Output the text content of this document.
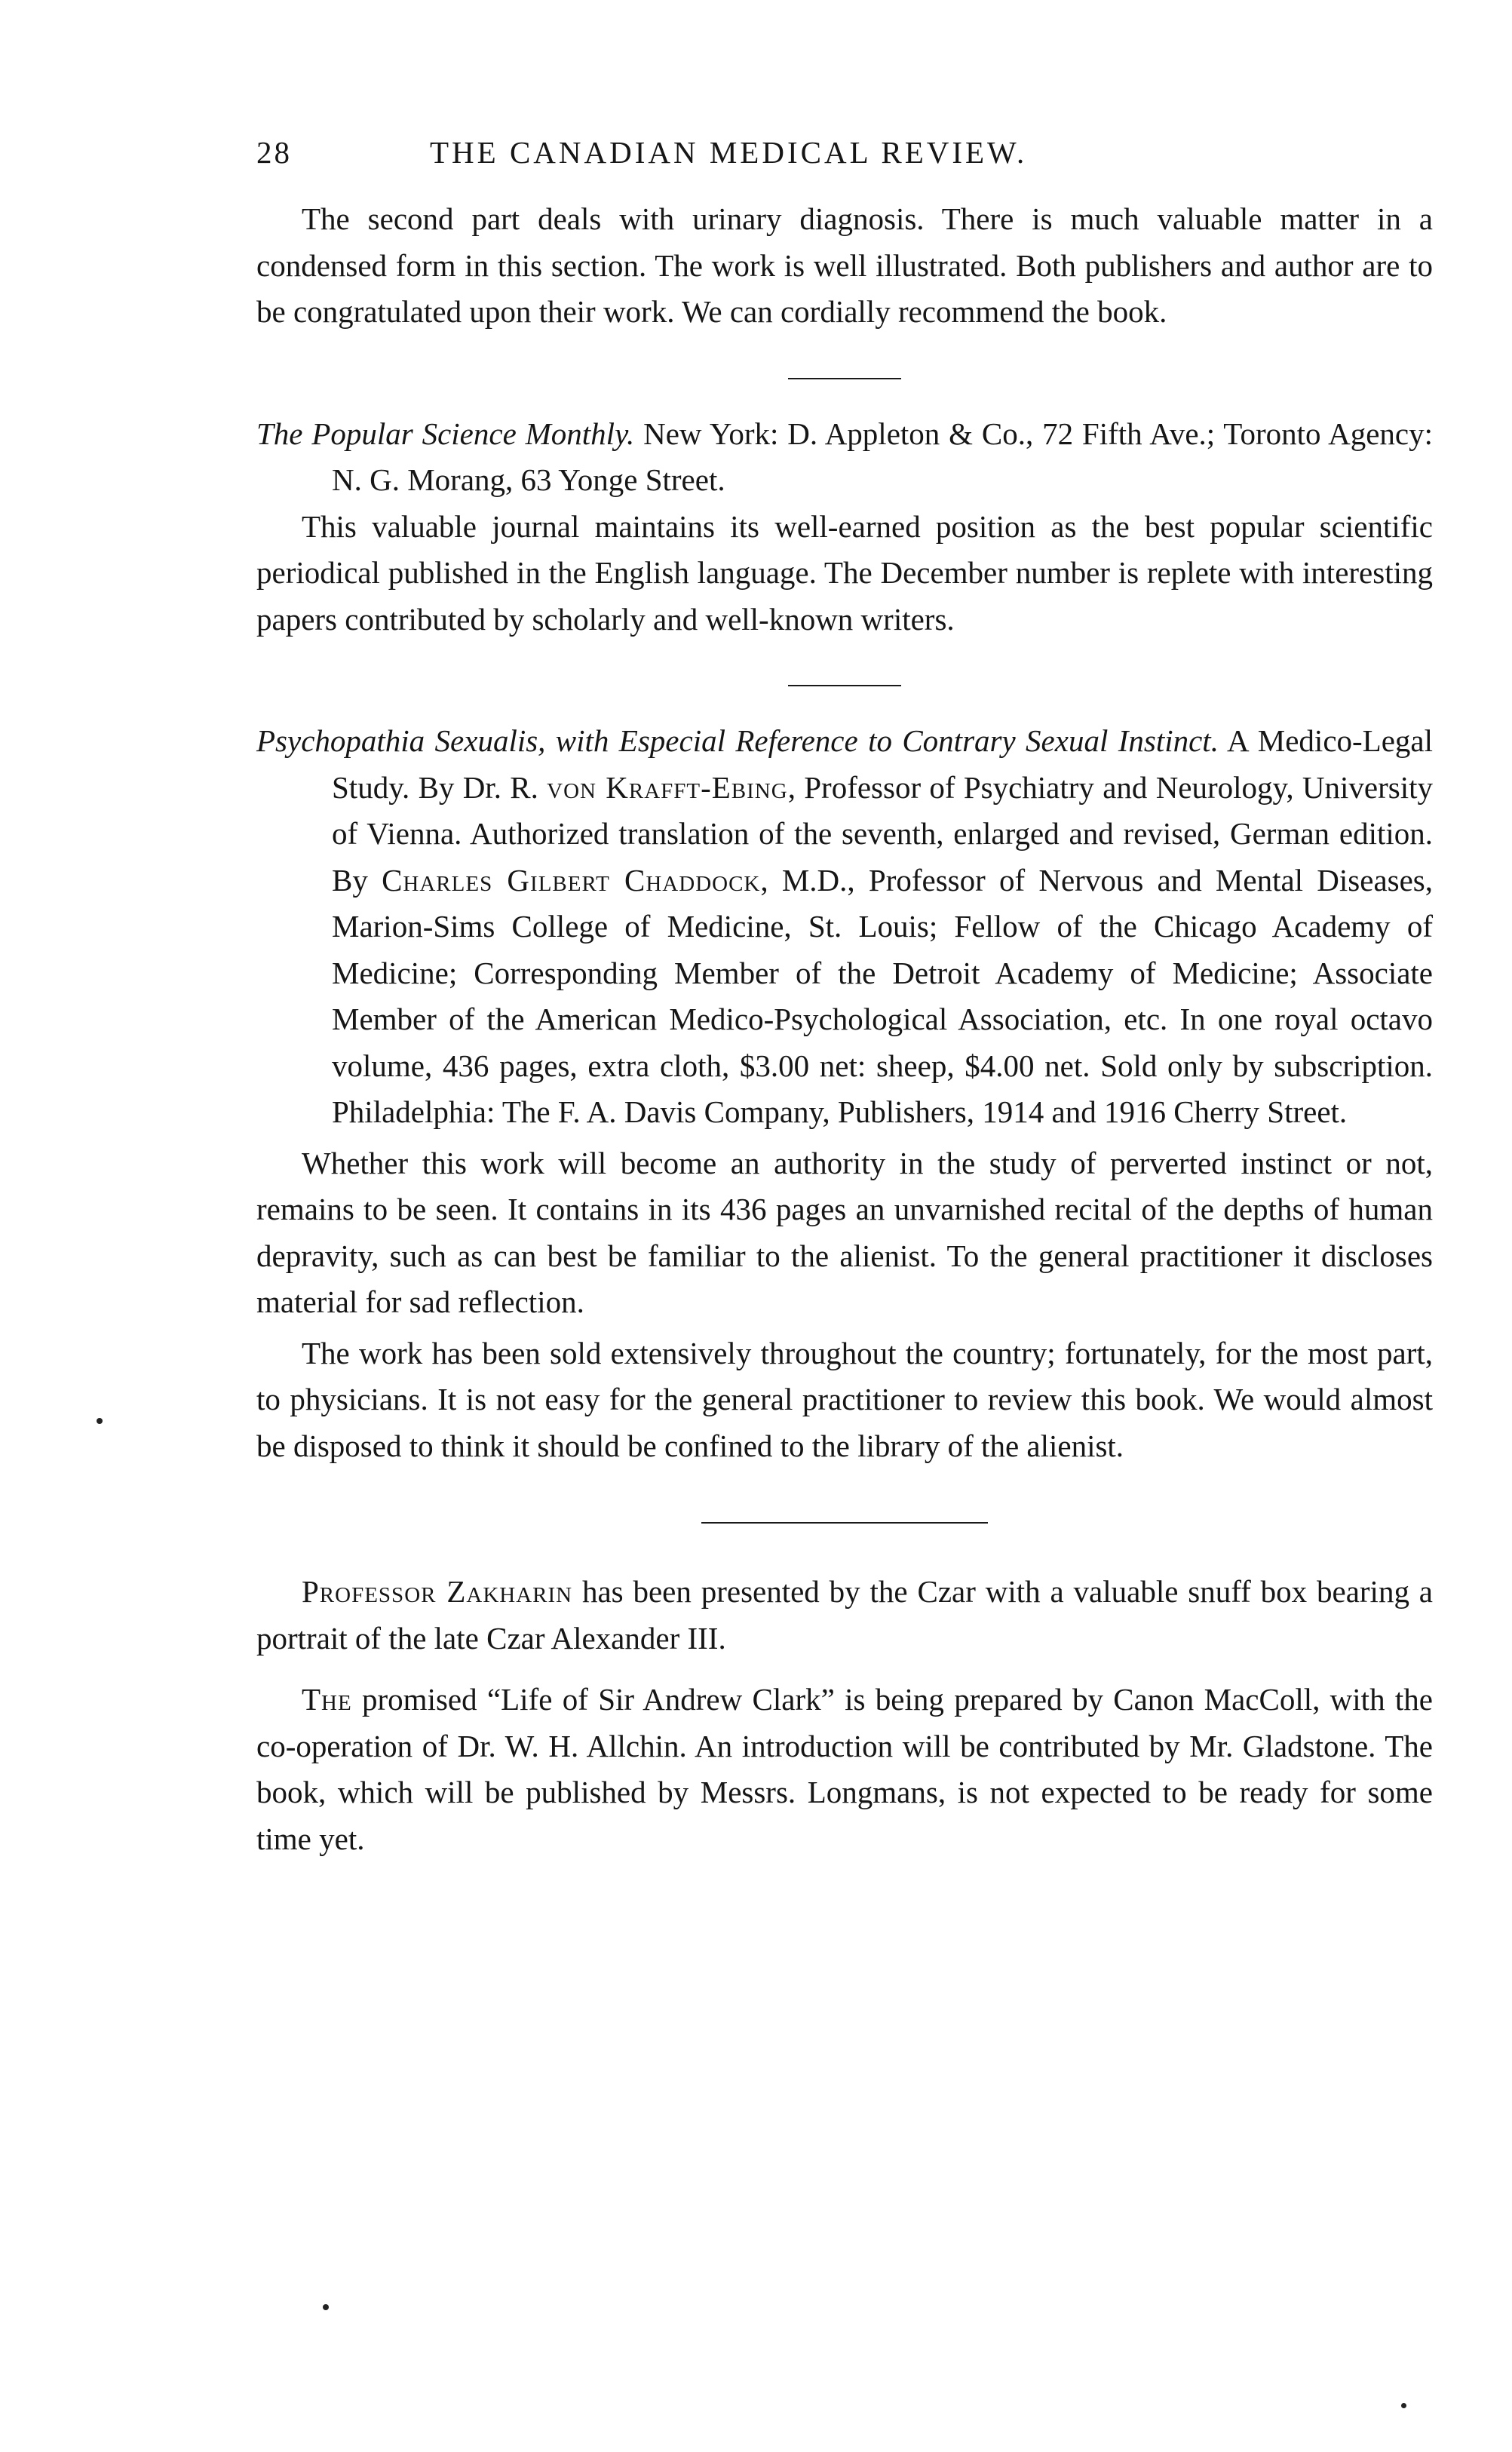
28	THE CANADIAN MEDICAL REVIEW.

The second part deals with urinary diagnosis. There is much valuable matter in a condensed form in this section. The work is well illustrated. Both publishers and author are to be congratulated upon their work. We can cordially recommend the book.

The Popular Science Monthly. New York: D. Appleton & Co., 72 Fifth Ave.; Toronto Agency: N. G. Morang, 63 Yonge Street.

This valuable journal maintains its well-earned position as the best popular scientific periodical published in the English language. The December number is replete with interesting papers contributed by scholarly and well-known writers.

Psychopathia Sexualis, with Especial Reference to Contrary Sexual Instinct. A Medico-Legal Study. By Dr. R. von Krafft-Ebing, Professor of Psychiatry and Neurology, University of Vienna. Authorized translation of the seventh, enlarged and revised, German edition. By Charles Gilbert Chaddock, M.D., Professor of Nervous and Mental Diseases, Marion-Sims College of Medicine, St. Louis; Fellow of the Chicago Academy of Medicine; Corresponding Member of the Detroit Academy of Medicine; Associate Member of the American Medico-Psychological Association, etc. In one royal octavo volume, 436 pages, extra cloth, $3.00 net: sheep, $4.00 net. Sold only by subscription. Philadelphia: The F. A. Davis Company, Publishers, 1914 and 1916 Cherry Street.

Whether this work will become an authority in the study of perverted instinct or not, remains to be seen. It contains in its 436 pages an unvarnished recital of the depths of human depravity, such as can best be familiar to the alienist. To the general practitioner it discloses material for sad reflection.

The work has been sold extensively throughout the country; fortunately, for the most part, to physicians. It is not easy for the general practitioner to review this book. We would almost be disposed to think it should be confined to the library of the alienist.

Professor Zakharin has been presented by the Czar with a valuable snuff box bearing a portrait of the late Czar Alexander III.

The promised “Life of Sir Andrew Clark” is being prepared by Canon MacColl, with the co-operation of Dr. W. H. Allchin. An introduction will be contributed by Mr. Gladstone. The book, which will be published by Messrs. Longmans, is not expected to be ready for some time yet.
